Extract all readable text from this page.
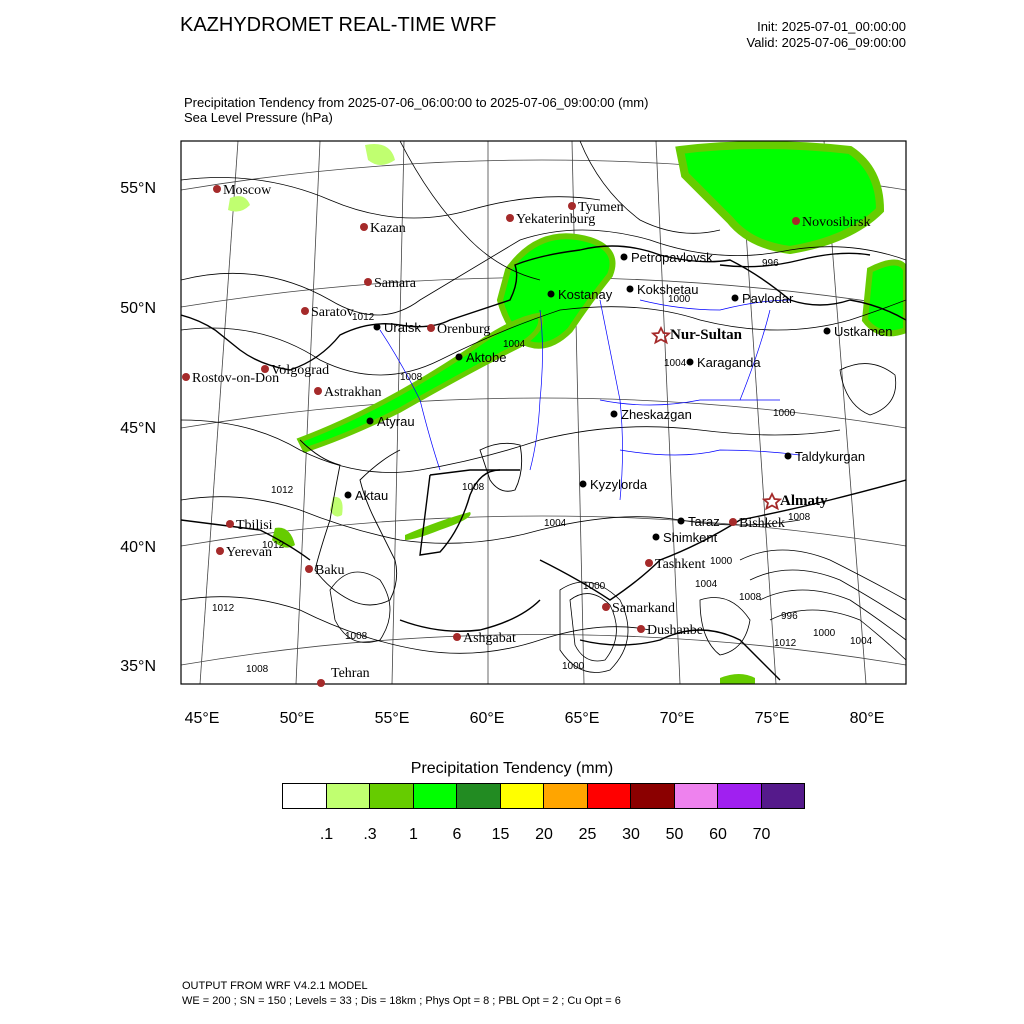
KAZHYDROMET REAL-TIME WRF	Init: 2025-07-01_00:00:00
Valid: 2025-07-06_09:00:00
Precipitation Tendency from 2025-07-06_06:00:00 to 2025-07-06_09:00:00 (mm)
Sea Level Pressure (hPa)
55°N
50°N
45°N
40°N
35°N
45°E	50°E	55°E	60°E	65°E	70°E	75°E	80°E
Moscow
Kazan
Samara
Saratov
Volgograd
Rostov-on-Don
Astrakhan
Orenburg
Yekaterinburg
Tyumen
Novosibirsk
Tbilisi
Yerevan
Baku
Tehran
Ashgabat
Samarkand
Dushanbe
Tashkent
Bishkek
Uralsk
Aktobe
Atyrau
Aktau
Kostanay
Petropavlovsk
Kokshetau
Pavlodar
Ustkamen
Karaganda
Zheskazgan
Kyzylorda
Taldykurgan
Taraz
Shimkent
Nur-Sultan
Almaty
1012
1008
1004
1000
996
1000
1004
1000
1008
1012
1008
1012
1012
1008
1004
1004
1000
1008
1004
1000
1008
996
1012
1000
Precipitation Tendency (mm)
.1 .3 1 6 15 20 25 30 50 60 70
OUTPUT FROM WRF V4.2.1 MODEL
WE = 200 ; SN = 150 ; Levels = 33 ; Dis = 18km ; Phys Opt = 8 ; PBL Opt = 2 ; Cu Opt = 6
